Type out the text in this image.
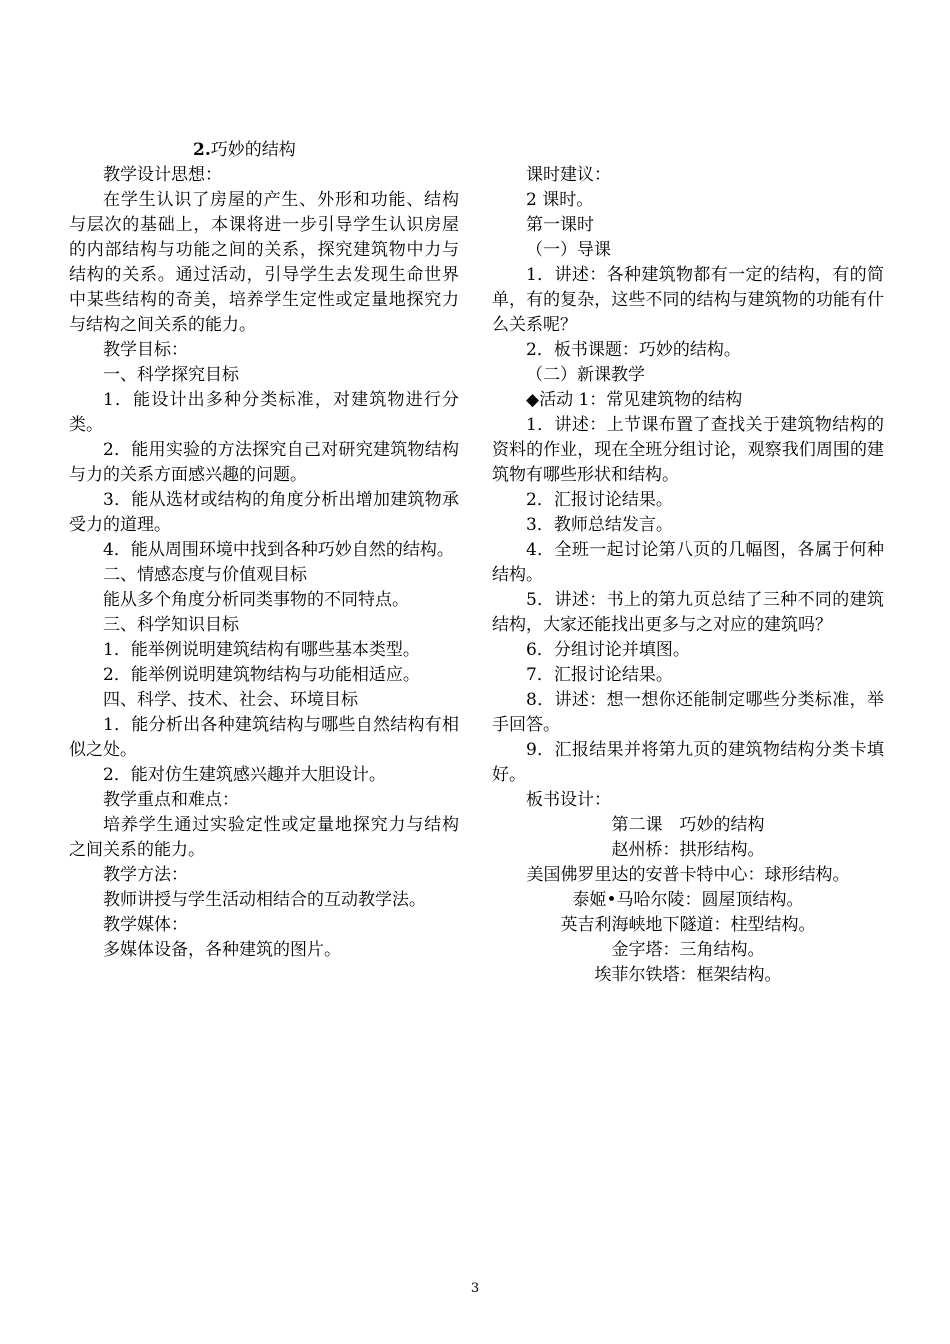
2.巧妙的结构

教学设计思想：

在学生认识了房屋的产生、外形和功能、结构与层次的基础上，本课将进一步引导学生认识房屋的内部结构与功能之间的关系，探究建筑物中力与结构的关系。通过活动，引导学生去发现生命世界中某些结构的奇美，培养学生定性或定量地探究力与结构之间关系的能力。

教学目标：

一、科学探究目标

1．能设计出多种分类标准，对建筑物进行分类。

2．能用实验的方法探究自己对研究建筑物结构与力的关系方面感兴趣的问题。

3．能从选材或结构的角度分析出增加建筑物承受力的道理。

4．能从周围环境中找到各种巧妙自然的结构。

二、情感态度与价值观目标

能从多个角度分析同类事物的不同特点。

三、科学知识目标

1．能举例说明建筑结构有哪些基本类型。

2．能举例说明建筑物结构与功能相适应。

四、科学、技术、社会、环境目标

1．能分析出各种建筑结构与哪些自然结构有相似之处。

2．能对仿生建筑感兴趣并大胆设计。

教学重点和难点：

培养学生通过实验定性或定量地探究力与结构之间关系的能力。

教学方法：

教师讲授与学生活动相结合的互动教学法。

教学媒体：

多媒体设备，各种建筑的图片。

课时建议：

2 课时。

第一课时

（一）导课

1．讲述：各种建筑物都有一定的结构，有的简单，有的复杂，这些不同的结构与建筑物的功能有什么关系呢？

2．板书课题：巧妙的结构。

（二）新课教学

◆活动 1：常见建筑物的结构

1．讲述：上节课布置了查找关于建筑物结构的资料的作业，现在全班分组讨论，观察我们周围的建筑物有哪些形状和结构。

2．汇报讨论结果。

3．教师总结发言。

4．全班一起讨论第八页的几幅图，各属于何种结构。

5．讲述：书上的第九页总结了三种不同的建筑结构，大家还能找出更多与之对应的建筑吗？

6．分组讨论并填图。

7．汇报讨论结果。

8．讲述：想一想你还能制定哪些分类标准，举手回答。

9．汇报结果并将第九页的建筑物结构分类卡填好。

板书设计：

第二课　巧妙的结构

赵州桥：拱形结构。

美国佛罗里达的安普卡特中心：球形结构。

泰姬•马哈尔陵：圆屋顶结构。

英吉利海峡地下隧道：柱型结构。

金字塔：三角结构。

埃菲尔铁塔：框架结构。

3
